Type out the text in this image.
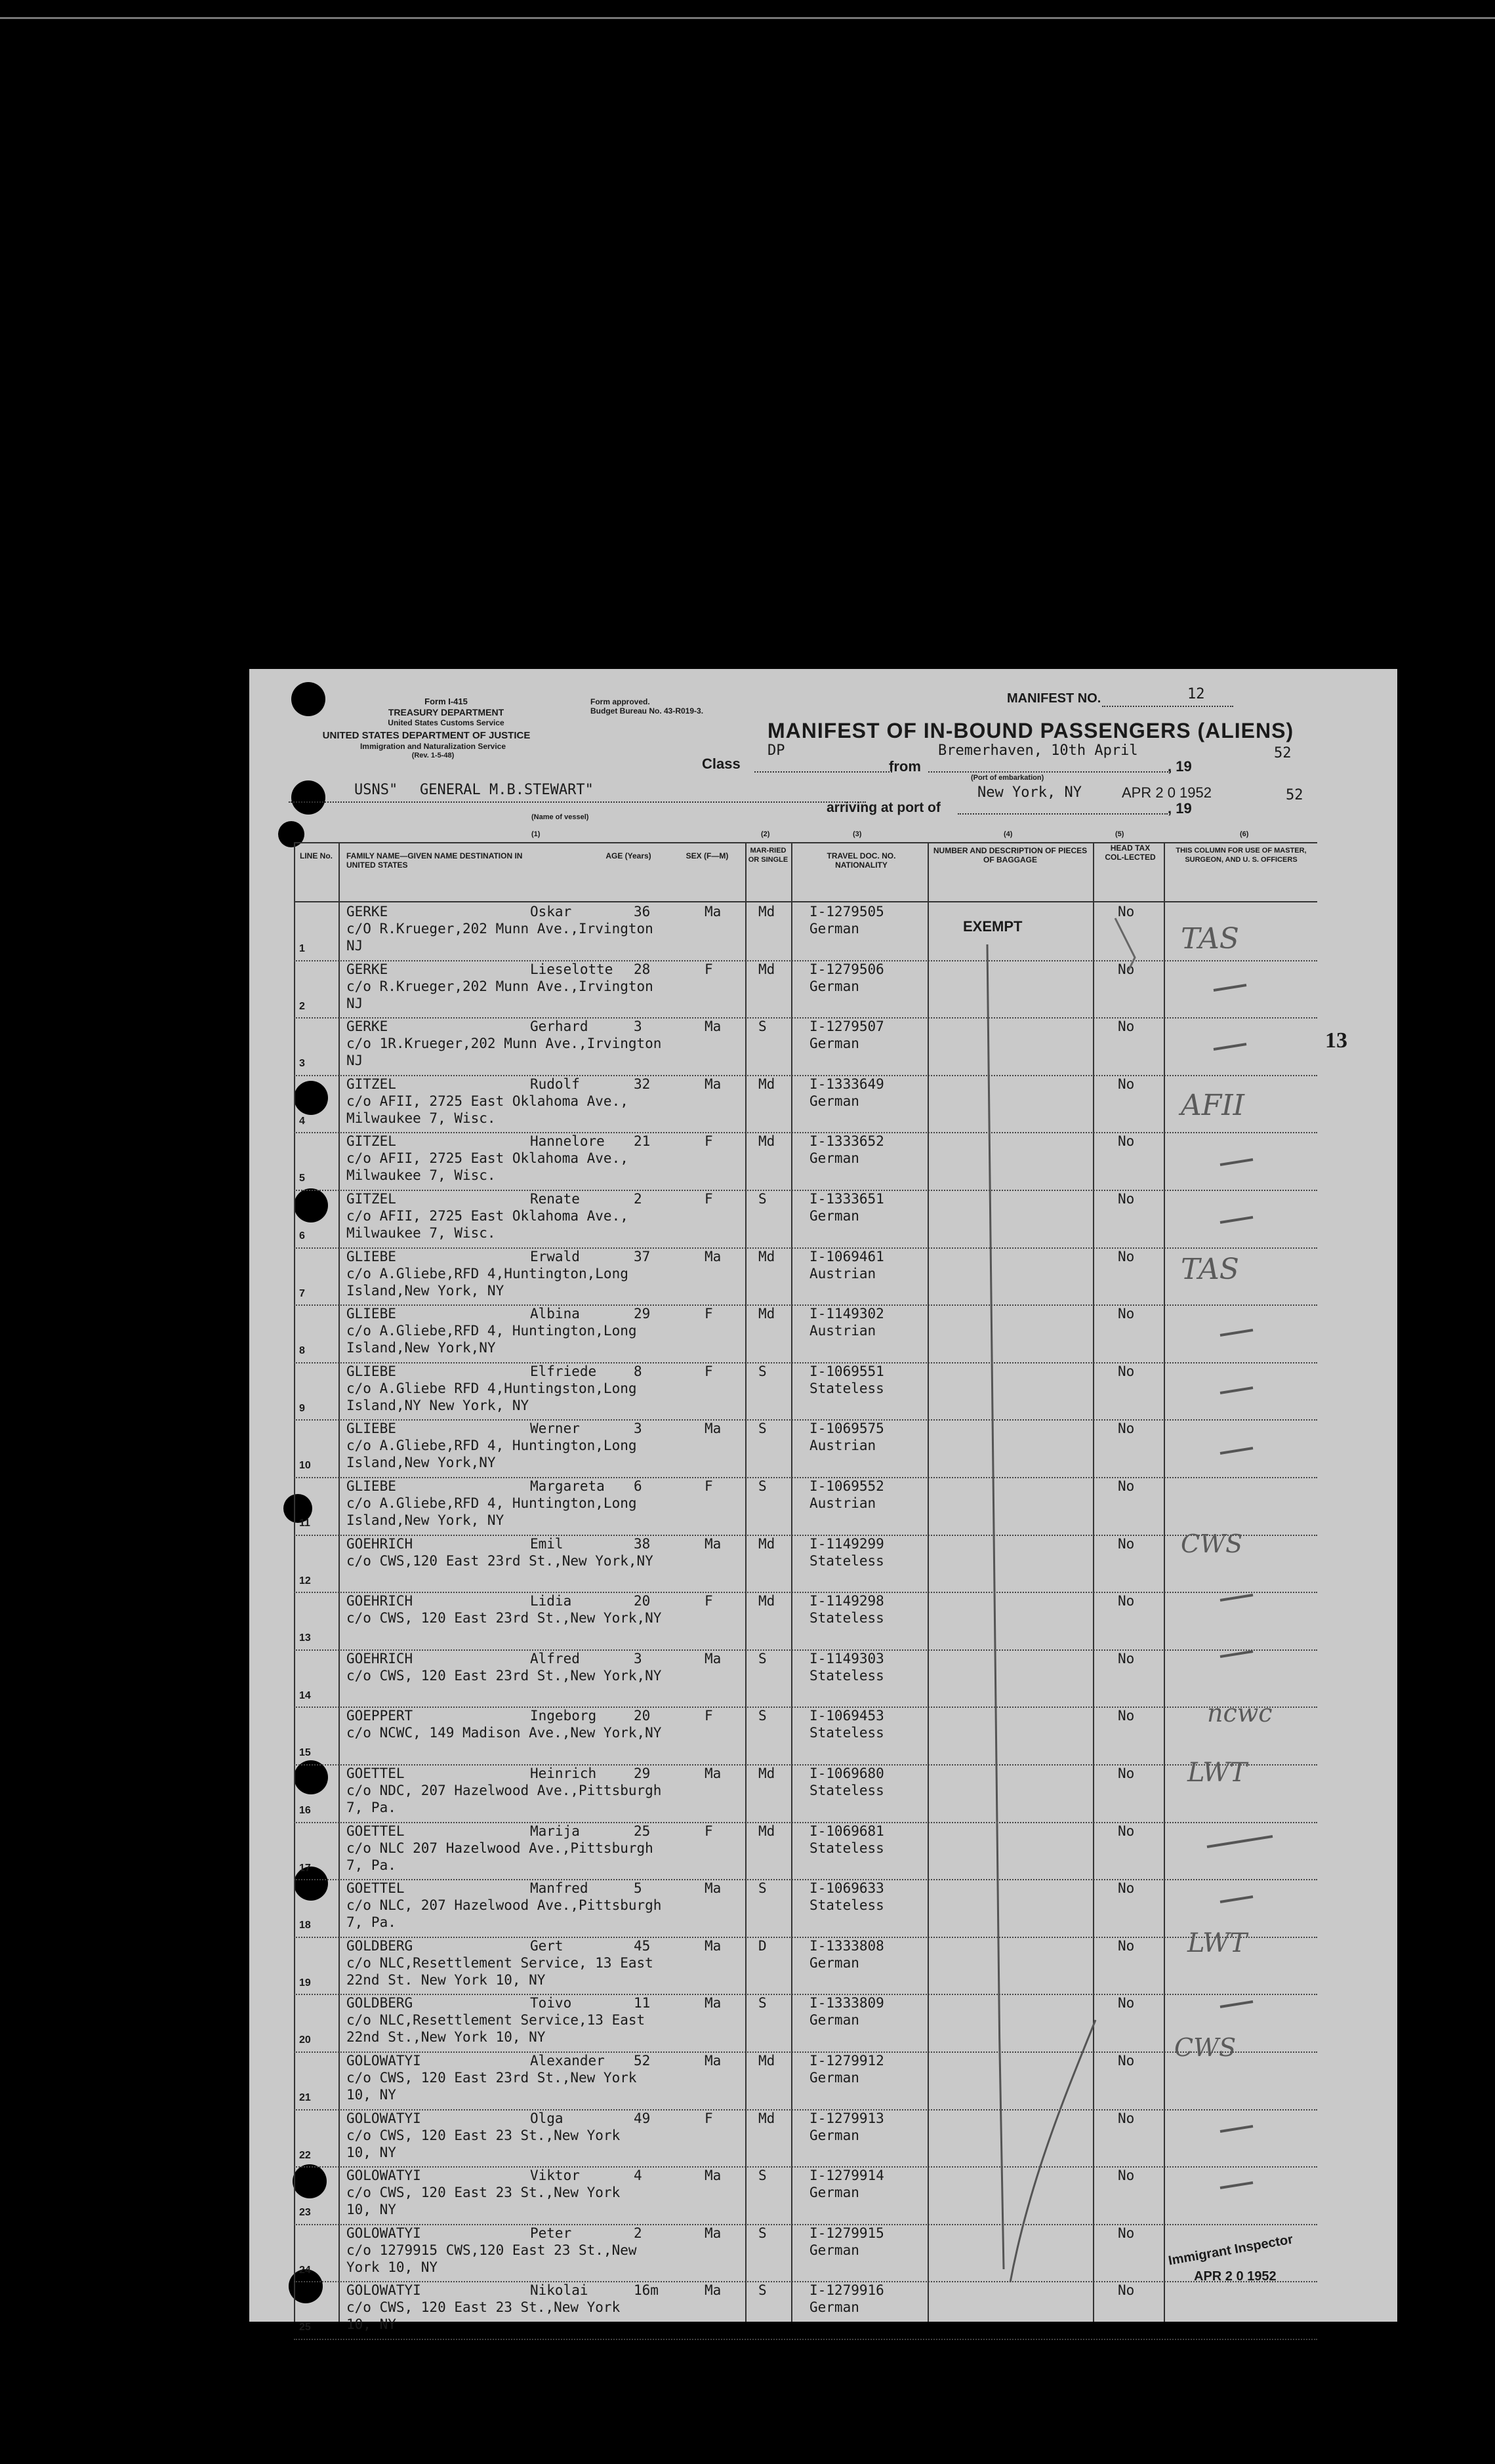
Form I-415
TREASURY DEPARTMENT
United States Customs Service
UNITED STATES DEPARTMENT OF JUSTICE
Immigration and Naturalization Service
(Rev. 1-5-48)
Form approved.
Budget Bureau No. 43-R019-3.
MANIFEST NO.	12
MANIFEST OF IN-BOUND PASSENGERS (ALIENS)
Class
DP
from
Bremerhaven, 10th April
, 19
52
(Port of embarkation)
USNS" GENERAL M.B.STEWART"
(Name of vessel)
New York, NY	APR 2 0 1952
arriving at port of	, 19
52
(1)	(2)	(3)	(4)	(5)	(6)
LINE No.	FAMILY NAME—GIVEN NAME DESTINATION IN UNITED STATES
AGE (Years)	SEX (F—M)
MAR-RIED OR SINGLE	TRAVEL DOC. NO. NATIONALITY
NUMBER AND DESCRIPTION OF PIECES OF BAGGAGE
HEAD TAX COL-LECTED
THIS COLUMN FOR USE OF MASTER, SURGEON, AND U. S. OFFICERS
1
GERKE	Oskar	36	Ma
c/O R.Krueger,202 Munn Ave.,Irvington
NJ
Md	I-1279505
German
No
2
GERKE	Lieselotte 28	F
c/o R.Krueger,202 Munn Ave.,Irvington
NJ
Md	I-1279506
German
No
3
GERKE	Gerhard	3	Ma
c/o 1R.Krueger,202 Munn Ave.,Irvington
NJ
S	I-1279507
German
No
4
GITZEL	Rudolf	32	Ma
c/o AFII, 2725 East Oklahoma Ave.,
Milwaukee 7, Wisc.
Md	I-1333649
German
No
5
GITZEL	Hannelore 21	F
c/o AFII, 2725 East Oklahoma Ave.,
Milwaukee 7, Wisc.
Md	I-1333652
German
No
6
GITZEL	Renate	2	F
c/o AFII, 2725 East Oklahoma Ave.,
Milwaukee 7, Wisc.
S	I-1333651
German
No
7
GLIEBE	Erwald	37	Ma
c/o A.Gliebe,RFD 4,Huntington,Long
Island,New York, NY
Md	I-1069461
Austrian
No
8
GLIEBE	Albina	29	F
c/o A.Gliebe,RFD 4, Huntington,Long
Island,New York,NY
Md	I-1149302
Austrian
No
9
GLIEBE	Elfriede	8	F
c/o A.Gliebe RFD 4,Huntingston,Long
Island,NY New York, NY
S	I-1069551
Stateless
No
10
GLIEBE	Werner	3	Ma
c/o A.Gliebe,RFD 4, Huntington,Long
Island,New York,NY
S	I-1069575
Austrian
No
11
GLIEBE	Margareta 6	F
c/o A.Gliebe,RFD 4, Huntington,Long
Island,New York, NY
S	I-1069552
Austrian
No
12
GOEHRICH	Emil	38	Ma
c/o CWS,120 East 23rd St.,New York,NY
Md	I-1149299
Stateless
No
13
GOEHRICH	Lidia	20	F
c/o CWS, 120 East 23rd St.,New York,NY
Md	I-1149298
Stateless
No
14
GOEHRICH	Alfred	3	Ma
c/o CWS, 120 East 23rd St.,New York,NY
S	I-1149303
Stateless
No
15
GOEPPERT	Ingeborg	20	F
c/o NCWC, 149 Madison Ave.,New York,NY
S	I-1069453
Stateless
No
16
GOETTEL	Heinrich	29	Ma
c/o NDC, 207 Hazelwood Ave.,Pittsburgh
7, Pa.
Md	I-1069680
Stateless
No
17
GOETTEL	Marija	25	F
c/o NLC 207 Hazelwood Ave.,Pittsburgh
7, Pa.
Md	I-1069681
Stateless
No
18
GOETTEL	Manfred	5	Ma
c/o NLC, 207 Hazelwood Ave.,Pittsburgh
7, Pa.
S	I-1069633
Stateless
No
19
GOLDBERG	Gert	45	Ma
c/o NLC,Resettlement Service, 13 East
22nd St. New York 10, NY
D	I-1333808
German
No
20
GOLDBERG	Toivo	11	Ma
c/o NLC,Resettlement Service,13 East
22nd St.,New York 10, NY
S	I-1333809
German
No
21
GOLOWATYI	Alexander 52	Ma
c/o CWS, 120 East 23rd St.,New York
10, NY
Md	I-1279912
German
No
22
GOLOWATYI	Olga	49	F
c/o CWS, 120 East 23 St.,New York
10, NY
Md	I-1279913
German
No
23
GOLOWATYI	Viktor	4	Ma
c/o CWS, 120 East 23 St.,New York
10, NY
S	I-1279914
German
No
24
GOLOWATYI	Peter	2	Ma
c/o 1279915 CWS,120 East 23 St.,New
York 10, NY
S	I-1279915
German
No
25
GOLOWATYI	Nikolai	16m	Ma
c/o CWS, 120 East 23 St.,New York
10, NY
S	I-1279916
German
No
EXEMPT
13
TAS
AFII
TAS
CWS
ncwc
LWT
LWT
CWS
Immigrant Inspector
APR 2 0 1952
